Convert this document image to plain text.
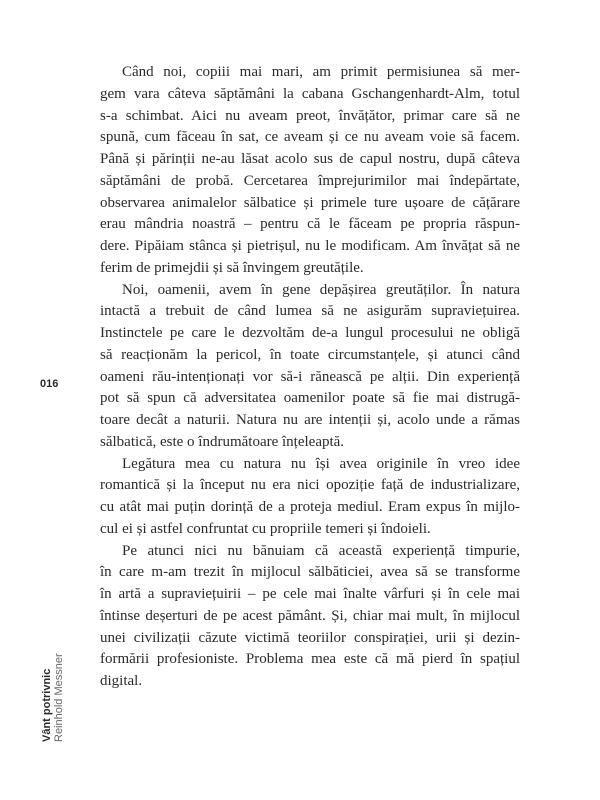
Când noi, copiii mai mari, am primit permisiunea să mer-
gem vara câteva săptămâni la cabana Gschangenhardt-Alm, totul
s-a schimbat. Aici nu aveam preot, învățător, primar care să ne
spună, cum făceau în sat, ce aveam și ce nu aveam voie să facem.
Până și părinții ne-au lăsat acolo sus de capul nostru, după câteva
săptămâni de probă. Cercetarea împrejurimilor mai îndepărtate,
observarea animalelor sălbatice și primele ture ușoare de cățărare
erau mândria noastră – pentru că le făceam pe propria răspun-
dere. Pipăiam stânca și pietrișul, nu le modificam. Am învățat să ne
ferim de primejdii și să învingem greutățile.
Noi, oamenii, avem în gene depășirea greutăților. În natura
intactă a trebuit de când lumea să ne asigurăm supraviețuirea.
Instinctele pe care le dezvoltăm de-a lungul procesului ne obligă
să reacționăm la pericol, în toate circumstanțele, și atunci când
oameni rău-intenționați vor să-i rănească pe alții. Din experiență
pot să spun că adversitatea oamenilor poate să fie mai distrugă-
toare decât a naturii. Natura nu are intenții și, acolo unde a rămas
sălbatică, este o îndrumătoare înțeleaptă.
Legătura mea cu natura nu își avea originile în vreo idee
romantică și la început nu era nici opoziție față de industrializare,
cu atât mai puțin dorință de a proteja mediul. Eram expus în mijlo-
cul ei și astfel confruntat cu propriile temeri și îndoieli.
Pe atunci nici nu bănuiam că această experiență timpurie,
în care m-am trezit în mijlocul sălbăticiei, avea să se transforme
în artă a supraviețuirii – pe cele mai înalte vârfuri și în cele mai
întinse deșerturi de pe acest pământ. Și, chiar mai mult, în mijlocul
unei civilizații căzute victimă teoriilor conspirației, urii și dezin-
formării profesioniste. Problema mea este că mă pierd în spațiul
digital.
016
Vânt potrivnic Reinhold Messner
